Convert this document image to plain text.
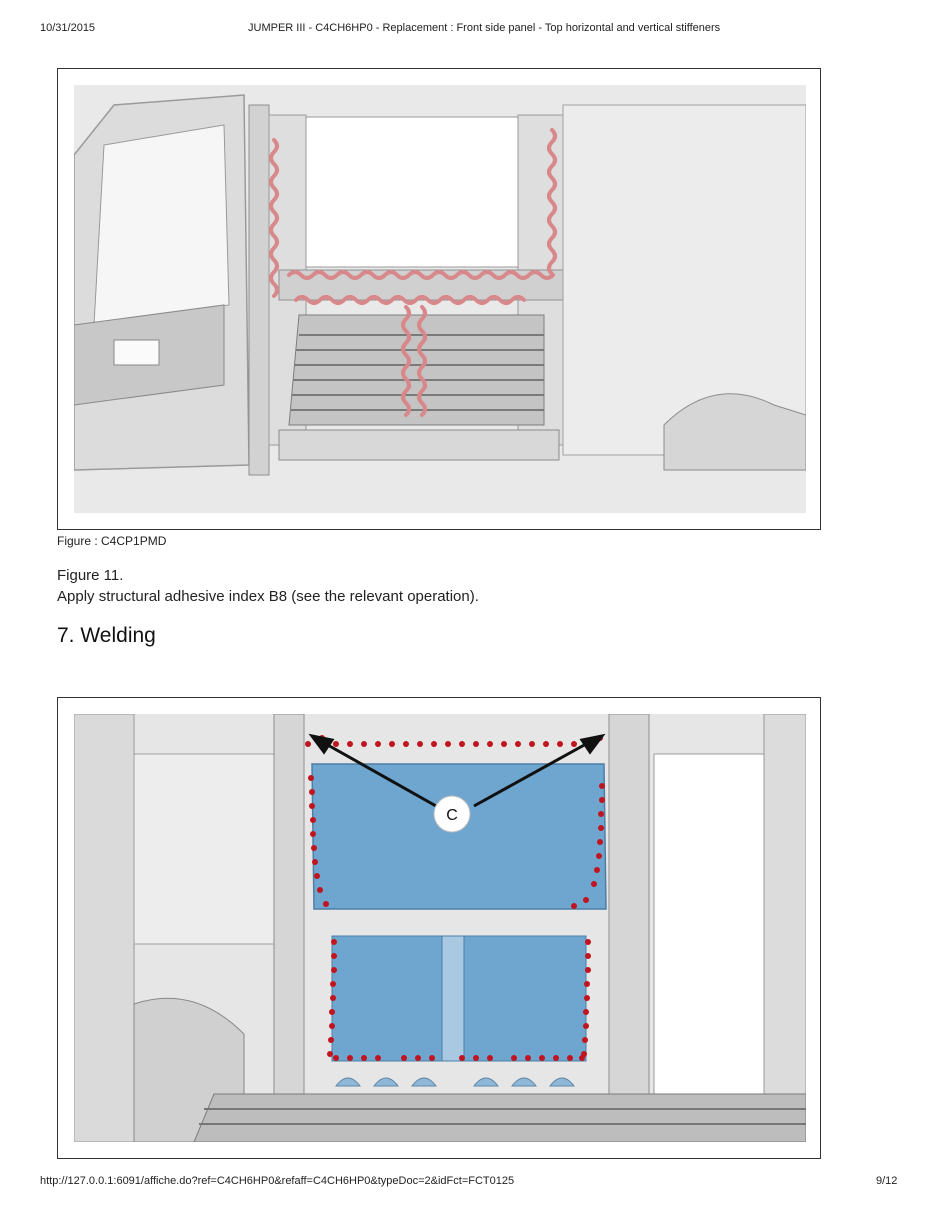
10/31/2015	JUMPER III - C4CH6HP0 - Replacement : Front side panel - Top horizontal and vertical stiffeners
Figure : C4CP1PMD
Figure 11.
Apply structural adhesive index B8 (see the relevant operation).
7. Welding
C
http://127.0.0.1:6091/affiche.do?ref=C4CH6HP0&refaff=C4CH6HP0&typeDoc=2&idFct=FCT0125	9/12
